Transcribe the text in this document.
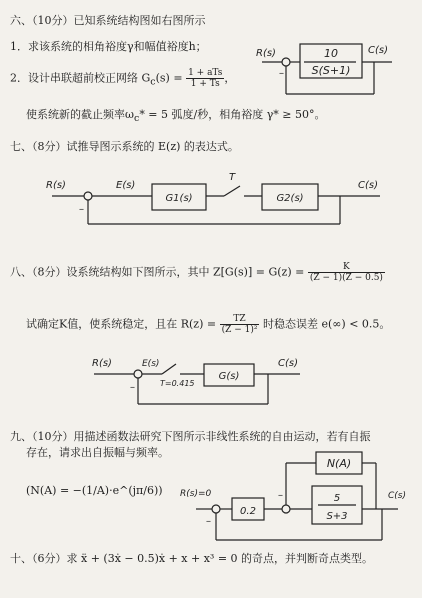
六、（10分）已知系统结构图如右图所示
1．求该系统的相角裕度γ和幅值裕度h；
2．设计串联超前校正网络 $G_c(s) = \frac{\text{1 + aTs}}{1 + Ts}$ ，
使系统新的截止频率$\omega_c* = 5$ 弧度/秒，相角裕度 γ* ≥ 50°。
R(s)	C(s)
10
S(S+1)
–
R(s)	E(s)
T
G1(s)	G2(s)
C(s)
–
R(s)	E(s)
T=0.415
G(s)
C(s)
–
R(s)=0
0.2
N(A)
5
S+3
C(s)
–
–
七、（8分）试推导图示系统的 E(z) 的表达式。
八、（8分）设系统结构如下图所示，其中 $Z[G(s)] = G(z) = \frac{K}{(Z - 1)(Z - 0.5)}$
试确定K值，使系统稳定，且在 $R(z) = \frac{TZ}{\text{(Z − 1)²}}$ 时稳态误差 e(∞) < 0.5。
九、（10分）用描述函数法研究下图所示非线性系统的自由运动，若有自振
存在，请求出自振幅与频率。
(N(A) = −(1/A)·e^(jπ/6))
十、（6分）求 ẍ + (3ẋ − 0.5)ẋ + x + x³ = 0 的奇点，并判断奇点类型。
